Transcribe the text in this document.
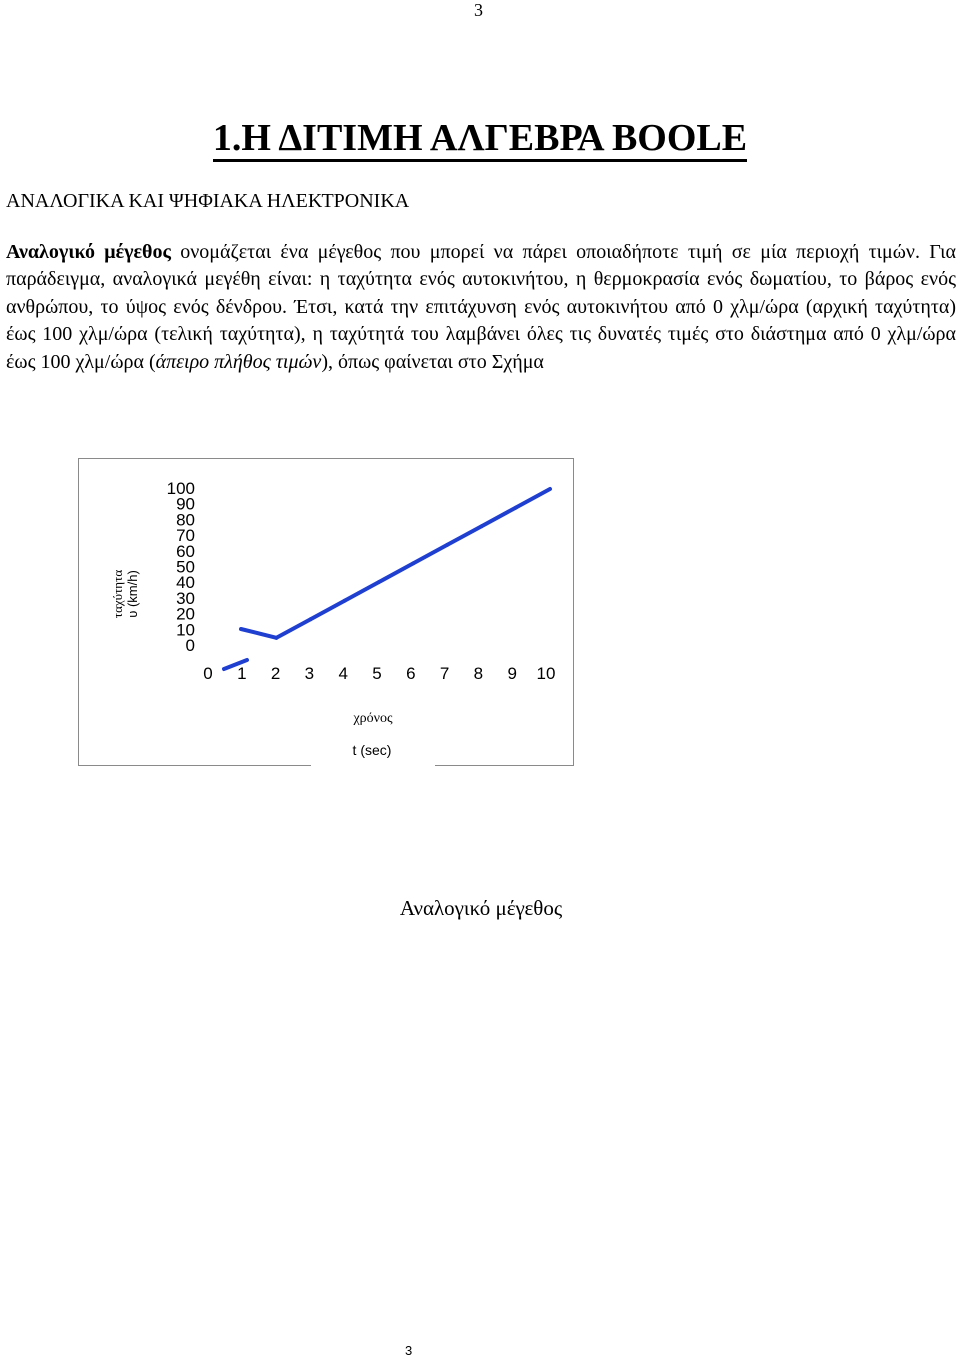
3
1.Η ΔΙΤΙΜΗ ΑΛΓΕΒΡΑ BOOLE
ΑΝΑΛΟΓΙΚΑ ΚΑΙ ΨΗΦΙΑΚΑ ΗΛΕΚΤΡΟΝΙΚΑ
Αναλογικό μέγεθος ονομάζεται ένα μέγεθος που μπορεί να πάρει οποιαδήποτε τιμή σε μία περιοχή τιμών. Για παράδειγμα, αναλογικά μεγέθη είναι: η ταχύτητα ενός αυτοκινήτου, η θερμοκρασία ενός δωματίου, το βάρος ενός ανθρώπου, το ύψος ενός δένδρου. Έτσι, κατά την επιτάχυνση ενός αυτοκινήτου από 0 χλμ/ώρα (αρχική ταχύτητα) έως 100 χλμ/ώρα (τελική ταχύτητα), η ταχύτητά του λαμβάνει όλες τις δυνατές τιμές στο διάστημα από 0 χλμ/ώρα έως 100 χλμ/ώρα (άπειρο πλήθος τιμών), όπως φαίνεται στο Σχήμα
100
90
80
70
60
50
40
30
20
10
0
0 1 2 3 4 5 6 7 8 9 10
ταχύτητα υ (km/h)
χρόνος
t (sec)
Αναλογικό μέγεθος
3
